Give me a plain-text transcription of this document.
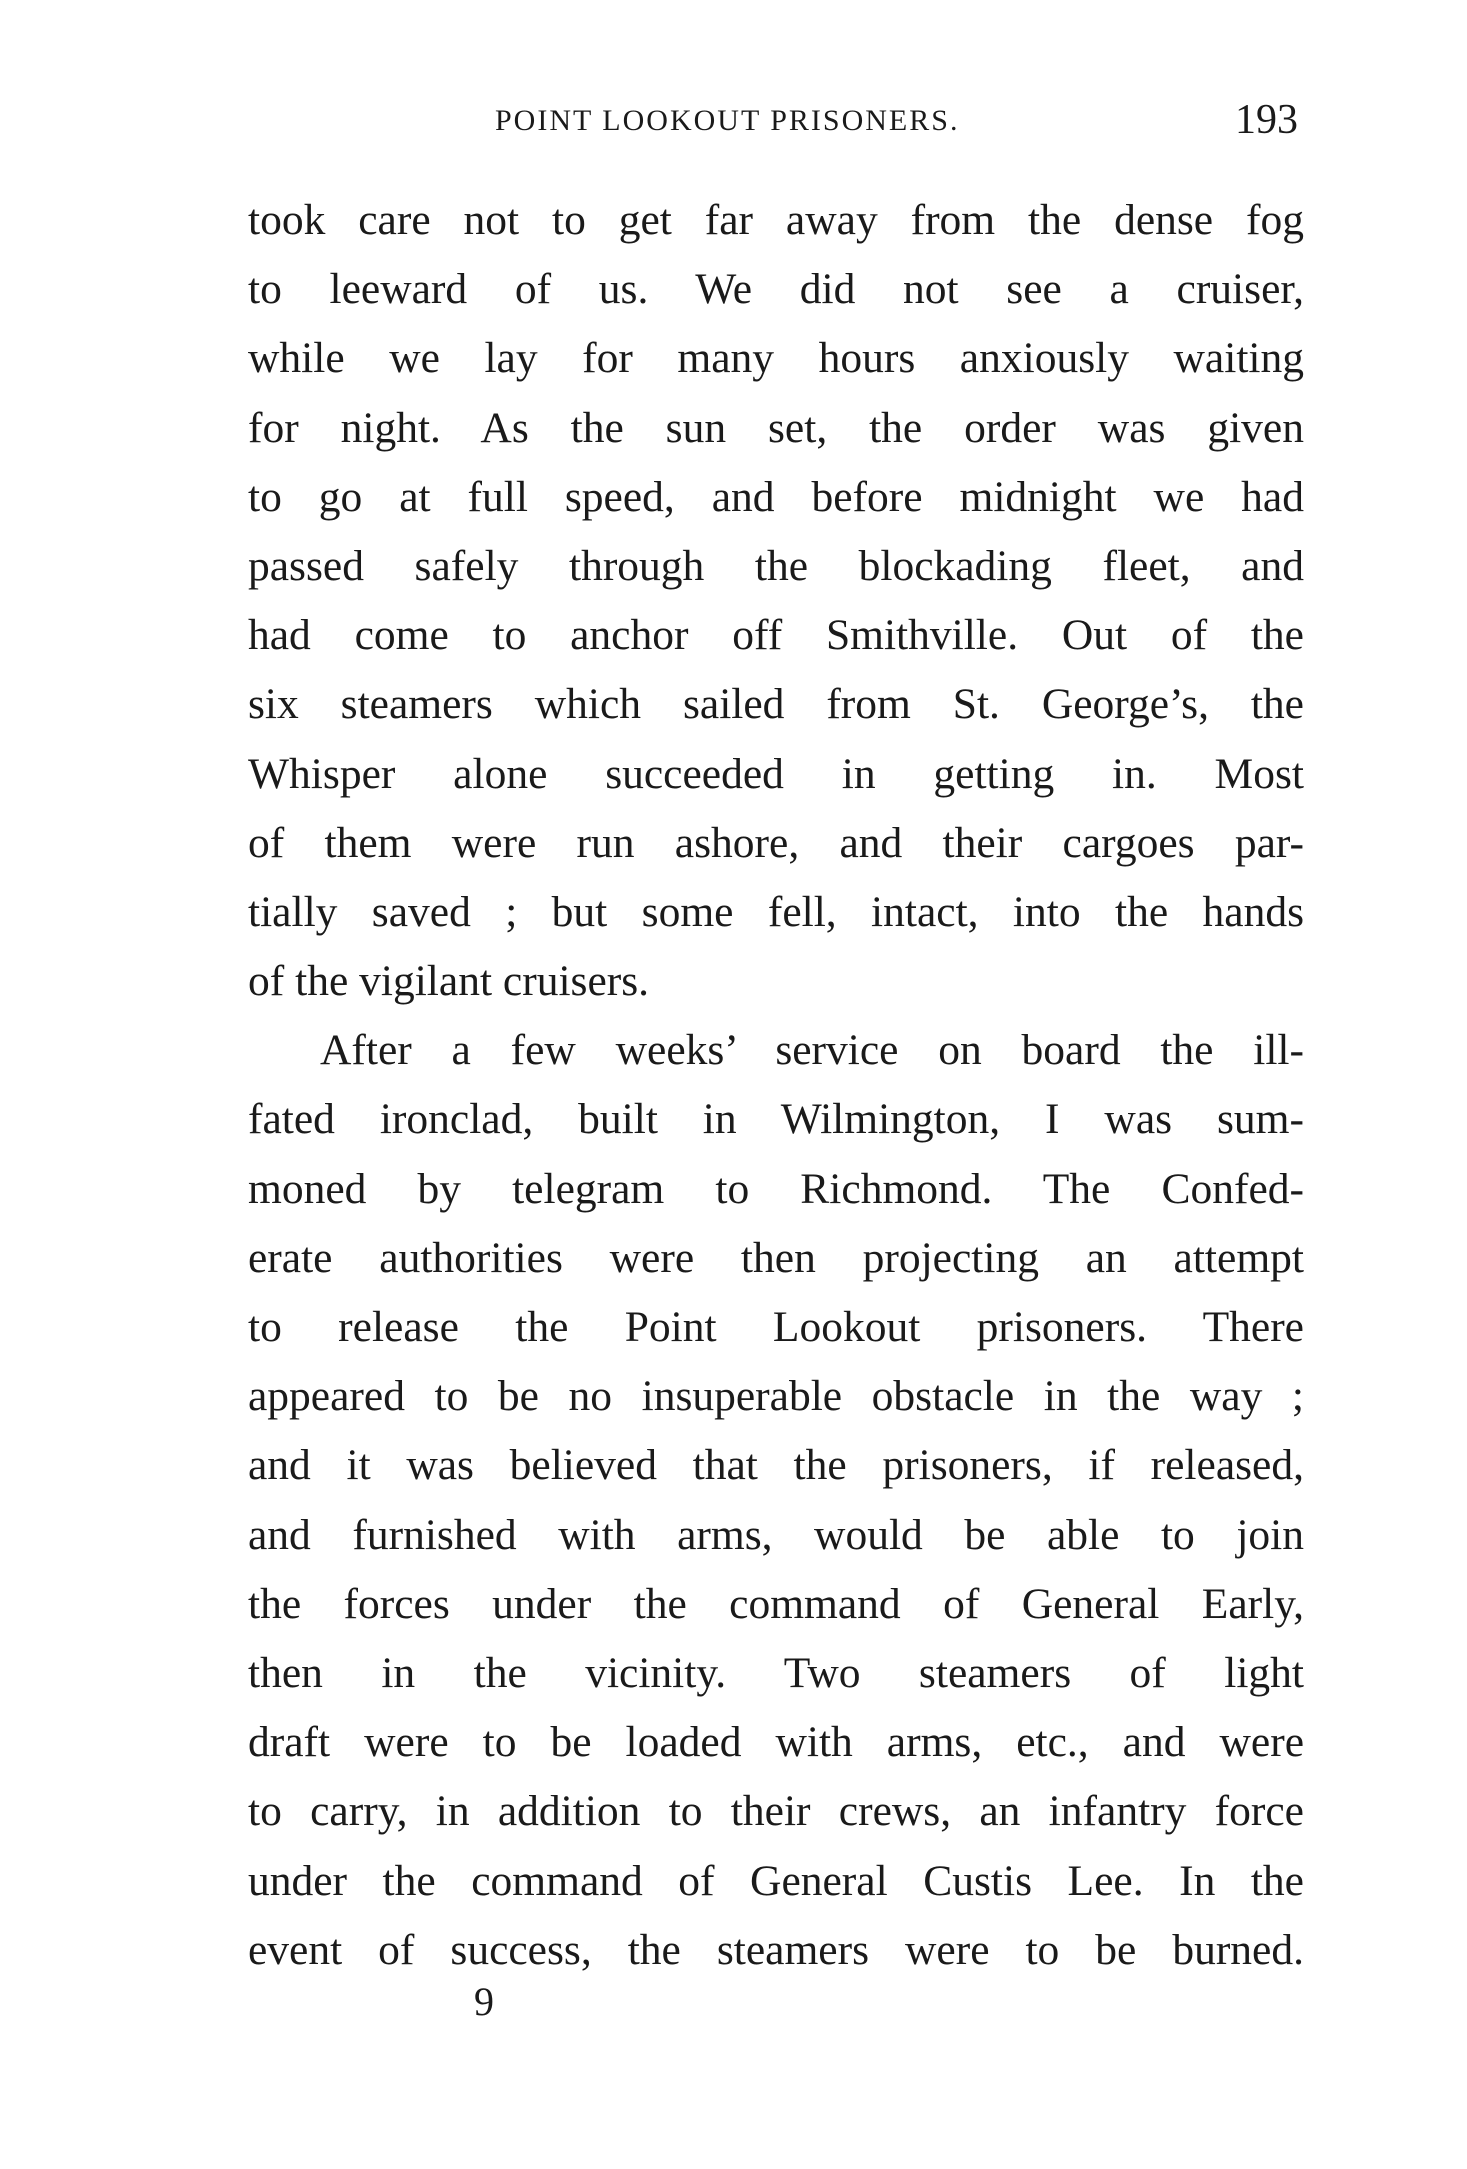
POINT LOOKOUT PRISONERS.	193
took care not to get far away from the dense fog
to leeward of us. We did not see a cruiser,
while we lay for many hours anxiously waiting
for night. As the sun set, the order was given
to go at full speed, and before midnight we had
passed safely through the blockading fleet, and
had come to anchor off Smithville. Out of the
six steamers which sailed from St. George’s, the
Whisper alone succeeded in getting in. Most
of them were run ashore, and their cargoes par-
tially saved ; but some fell, intact, into the hands
of the vigilant cruisers.
After a few weeks’ service on board the ill-
fated ironclad, built in Wilmington, I was sum-
moned by telegram to Richmond. The Confed-
erate authorities were then projecting an attempt
to release the Point Lookout prisoners. There
appeared to be no insuperable obstacle in the way ;
and it was believed that the prisoners, if released,
and furnished with arms, would be able to join
the forces under the command of General Early,
then in the vicinity. Two steamers of light
draft were to be loaded with arms, etc., and were
to carry, in addition to their crews, an infantry force
under the command of General Custis Lee. In the
event of success, the steamers were to be burned.
9
